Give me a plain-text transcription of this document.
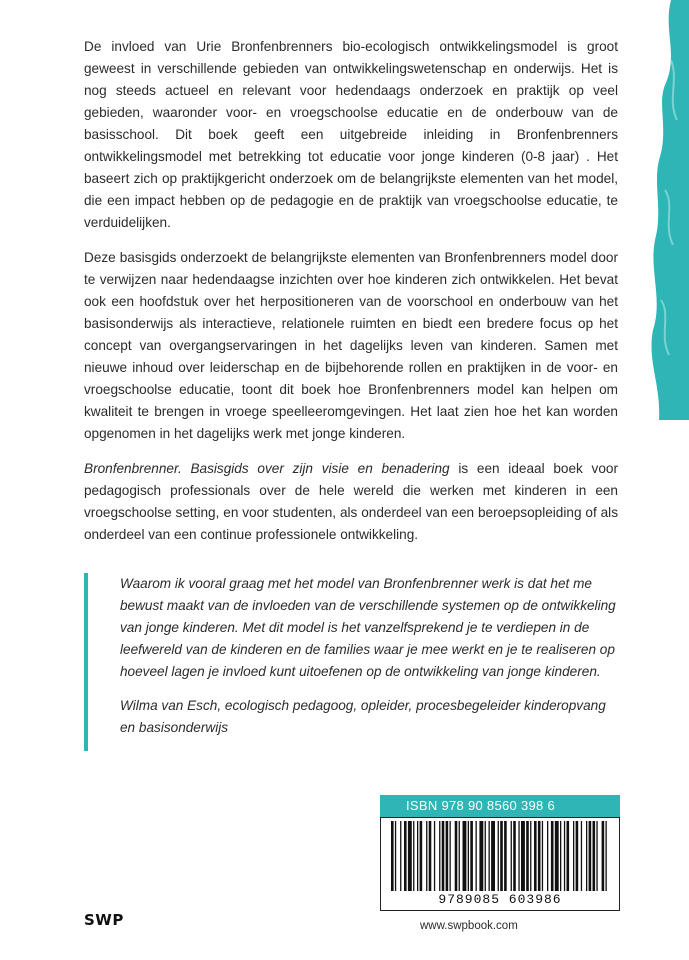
De invloed van Urie Bronfenbrenners bio-ecologisch ontwikkelingsmodel is groot geweest in verschillende gebieden van ontwikkelingswetenschap en onderwijs. Het is nog steeds actueel en relevant voor hedendaags onderzoek en praktijk op veel gebieden, waaronder voor- en vroegschoolse educatie en de onderbouw van de basisschool. Dit boek geeft een uitgebreide inleiding in Bronfenbrenners ontwikkelingsmodel met betrekking tot educatie voor jonge kinderen (0-8 jaar) . Het baseert zich op praktijkgericht onderzoek om de belangrijkste elementen van het model, die een impact hebben op de pedagogie en de praktijk van vroegschoolse educatie, te verduidelijken.

Deze basisgids onderzoekt de belangrijkste elementen van Bronfenbrenners model door te verwijzen naar hedendaagse inzichten over hoe kinderen zich ontwikkelen. Het bevat ook een hoofdstuk over het herpositioneren van de voorschool en onderbouw van het basisonderwijs als interactieve, relationele ruimten en biedt een bredere focus op het concept van overgangservaringen in het dagelijks leven van kinderen. Samen met nieuwe inhoud over leiderschap en de bijbehorende rollen en praktijken in de voor- en vroegschoolse educatie, toont dit boek hoe Bronfenbrenners model kan helpen om kwaliteit te brengen in vroege speelleeromgevingen. Het laat zien hoe het kan worden opgenomen in het dagelijks werk met jonge kinderen.

Bronfenbrenner. Basisgids over zijn visie en benadering is een ideaal boek voor pedagogisch professionals over de hele wereld die werken met kinderen in een vroegschoolse setting, en voor studenten, als onderdeel van een beroepsopleiding of als onderdeel van een continue professionele ontwikkeling.

Waarom ik vooral graag met het model van Bronfenbrenner werk is dat het me bewust maakt van de invloeden van de verschillende systemen op de ontwikkeling van jonge kinderen. Met dit model is het vanzelfsprekend je te verdiepen in de leefwereld van de kinderen en de families waar je mee werkt en je te realiseren op hoeveel lagen je invloed kunt uitoefenen op de ontwikkeling van jonge kinderen.

Wilma van Esch, ecologisch pedagoog, opleider, procesbegeleider kinderopvang en basisonderwijs

ISBN 978 90 8560 398 6
9789085 603986
SWP	www.swpbook.com
